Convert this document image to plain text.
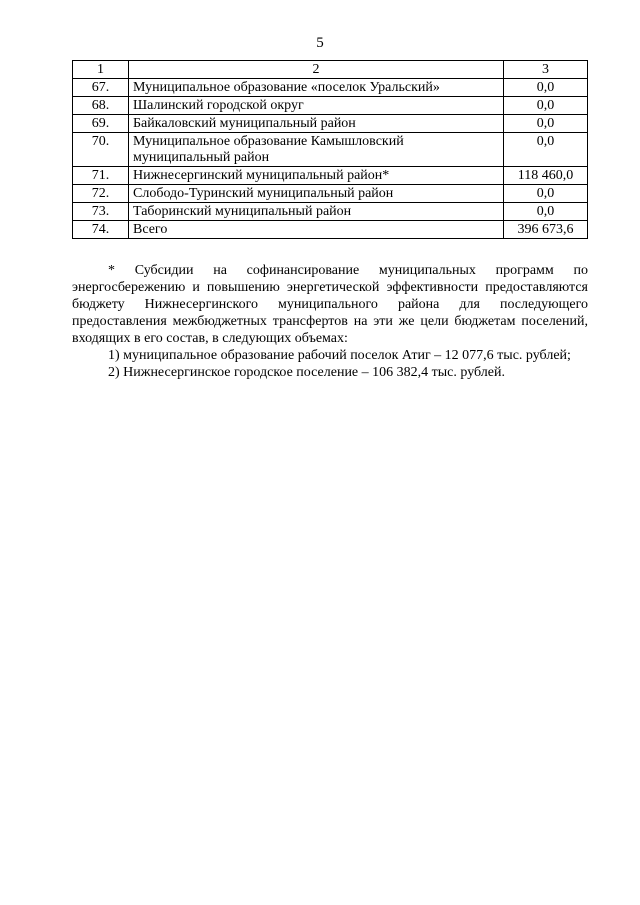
5
1	2	3
67.	Муниципальное образование «поселок Уральский»	0,0
68.	Шалинский городской округ	0,0
69.	Байкаловский муниципальный район	0,0
70.	Муниципальное образование Камышловский муниципальный район	0,0
71.	Нижнесергинский муниципальный район*	118 460,0
72.	Слободо-Туринский муниципальный район	0,0
73.	Таборинский муниципальный район	0,0
74.	Всего	396 673,6

* Субсидии на софинансирование муниципальных программ по энергосбережению и повышению энергетической эффективности предоставляются бюджету Нижнесергинского муниципального района для последующего предоставления межбюджетных трансфертов на эти же цели бюджетам поселений, входящих в его состав, в следующих объемах:

1) муниципальное образование рабочий поселок Атиг – 12 077,6 тыс. рублей;

2) Нижнесергинское городское поселение – 106 382,4 тыс. рублей.
